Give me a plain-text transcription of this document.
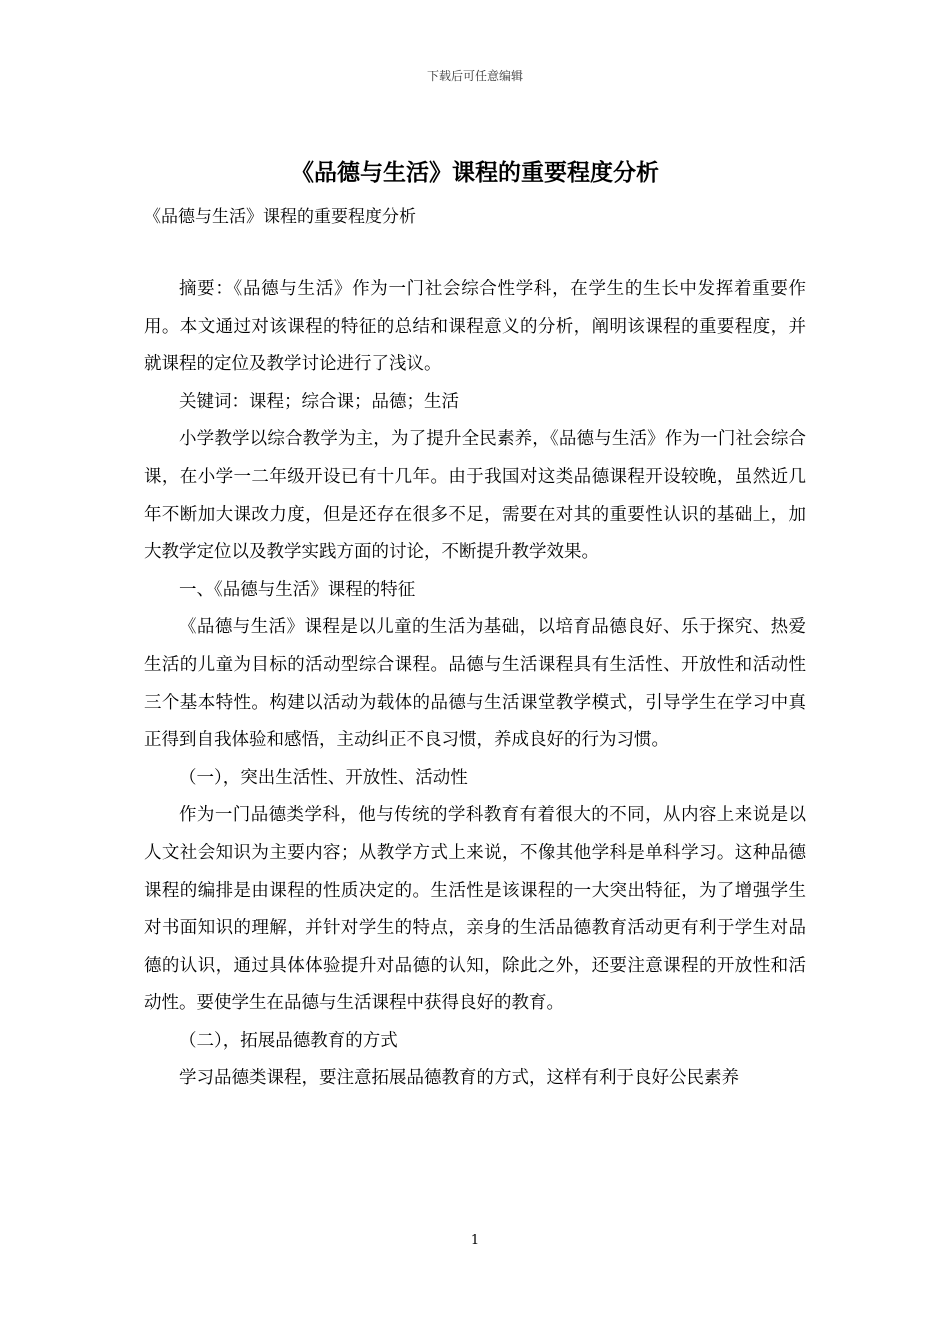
下载后可任意编辑
《品德与生活》课程的重要程度分析
《品德与生活》课程的重要程度分析

摘要：《品德与生活》作为一门社会综合性学科，在学生的生长中发挥着重要作用。本文通过对该课程的特征的总结和课程意义的分析，阐明该课程的重要程度，并就课程的定位及教学讨论进行了浅议。

关键词：课程；综合课；品德；生活

小学教学以综合教学为主，为了提升全民素养，《品德与生活》作为一门社会综合课，在小学一二年级开设已有十几年。由于我国对这类品德课程开设较晚，虽然近几年不断加大课改力度，但是还存在很多不足，需要在对其的重要性认识的基础上，加大教学定位以及教学实践方面的讨论，不断提升教学效果。

一、《品德与生活》课程的特征

《品德与生活》课程是以儿童的生活为基础，以培育品德良好、乐于探究、热爱生活的儿童为目标的活动型综合课程。品德与生活课程具有生活性、开放性和活动性三个基本特性。构建以活动为载体的品德与生活课堂教学模式，引导学生在学习中真正得到自我体验和感悟，主动纠正不良习惯，养成良好的行为习惯。

（一），突出生活性、开放性、活动性

作为一门品德类学科，他与传统的学科教育有着很大的不同，从内容上来说是以人文社会知识为主要内容；从教学方式上来说，不像其他学科是单科学习。这种品德课程的编排是由课程的性质决定的。生活性是该课程的一大突出特征，为了增强学生对书面知识的理解，并针对学生的特点，亲身的生活品德教育活动更有利于学生对品德的认识，通过具体体验提升对品德的认知，除此之外，还要注意课程的开放性和活动性。要使学生在品德与生活课程中获得良好的教育。

（二），拓展品德教育的方式

学习品德类课程，要注意拓展品德教育的方式，这样有利于良好公民素养

1
